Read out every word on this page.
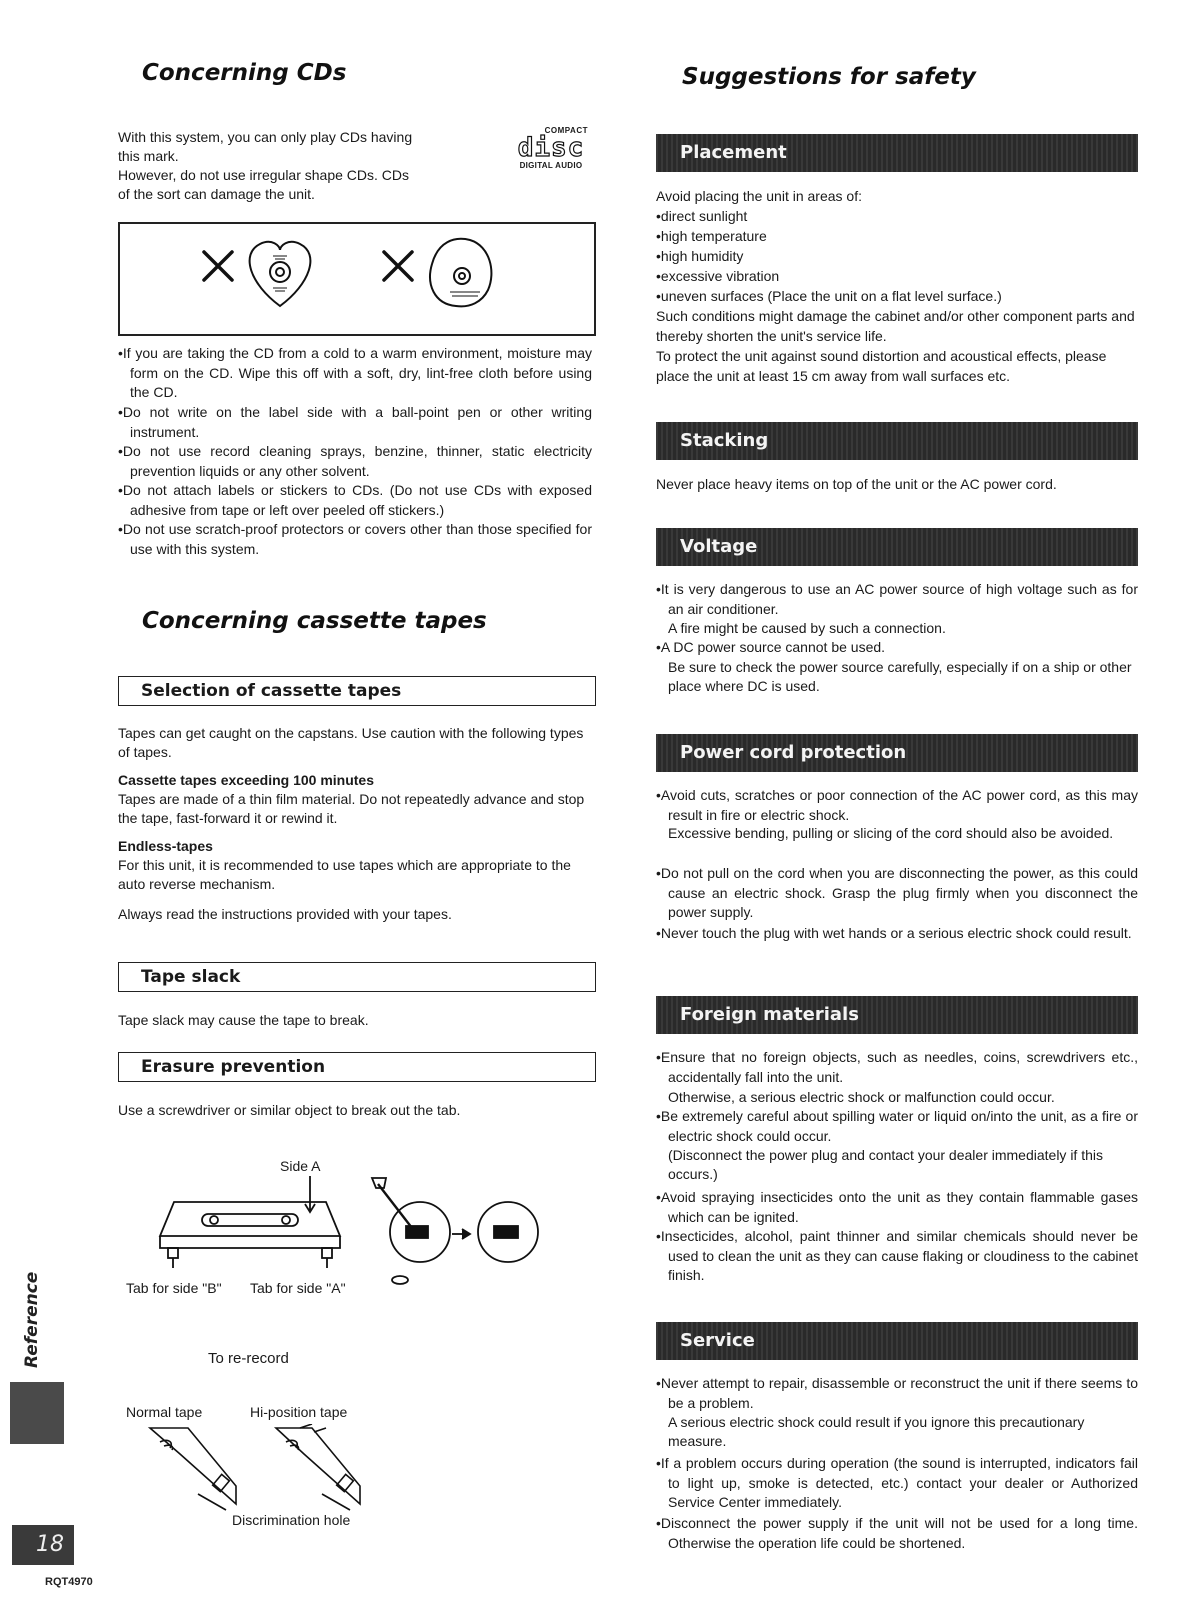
Concerning CDs
With this system, you can only play CDs having
this mark.
However, do not use irregular shape CDs. CDs
of the sort can damage the unit.
COMPACT
disc
DIGITAL AUDIO

•If you are taking the CD from a cold to a warm environment, moisture may form on the CD. Wipe this off with a soft, dry, lint-free cloth before using the CD.

•Do not write on the label side with a ball-point pen or other writing instrument.

•Do not use record cleaning sprays, benzine, thinner, static electricity prevention liquids or any other solvent.

•Do not attach labels or stickers to CDs. (Do not use CDs with exposed adhesive from tape or left over peeled off stickers.)

•Do not use scratch-proof protectors or covers other than those specified for use with this system.

Concerning cassette tapes
Selection of cassette tapes

Tapes can get caught on the capstans. Use caution with the following types of tapes.

Cassette tapes exceeding 100 minutes

Tapes are made of a thin film material. Do not repeatedly advance and stop the tape, fast-forward it or rewind it.

Endless-tapes

For this unit, it is recommended to use tapes which are appropriate to the auto reverse mechanism.

Always read the instructions provided with your tapes.

Tape slack

Tape slack may cause the tape to break.

Erasure prevention

Use a screwdriver or similar object to break out the tab.

Side A

Tab for side "B" Tab for side "A"

To re-record

Normal tape	Hi-position tape

Discrimination hole

Suggestions for safety
Placement

Avoid placing the unit in areas of:

•direct sunlight
•high temperature
•high humidity
•excessive vibration
•uneven surfaces (Place the unit on a flat level surface.)

Such conditions might damage the cabinet and/or other component parts and thereby shorten the unit's service life.

To protect the unit against sound distortion and acoustical effects, please place the unit at least 15 cm away from wall surfaces etc.

Stacking

Never place heavy items on top of the unit or the AC power cord.

Voltage

•It is very dangerous to use an AC power source of high voltage such as for an air conditioner.

A fire might be caused by such a connection.

•A DC power source cannot be used.

Be sure to check the power source carefully, especially if on a ship or other place where DC is used.

Power cord protection

•Avoid cuts, scratches or poor connection of the AC power cord, as this may result in fire or electric shock.

Excessive bending, pulling or slicing of the cord should also be avoided.

•Do not pull on the cord when you are disconnecting the power, as this could cause an electric shock. Grasp the plug firmly when you disconnect the power supply.

•Never touch the plug with wet hands or a serious electric shock could result.

Foreign materials

•Ensure that no foreign objects, such as needles, coins, screwdrivers etc., accidentally fall into the unit.

Otherwise, a serious electric shock or malfunction could occur.

•Be extremely careful about spilling water or liquid on/into the unit, as a fire or electric shock could occur.

(Disconnect the power plug and contact your dealer immediately if this occurs.)

•Avoid spraying insecticides onto the unit as they contain flammable gases which can be ignited.

•Insecticides, alcohol, paint thinner and similar chemicals should never be used to clean the unit as they can cause flaking or cloudiness to the cabinet finish.

Service

•Never attempt to repair, disassemble or reconstruct the unit if there seems to be a problem.

A serious electric shock could result if you ignore this precautionary measure.

•If a problem occurs during operation (the sound is interrupted, indicators fail to light up, smoke is detected, etc.) contact your dealer or Authorized Service Center immediately.

•Disconnect the power supply if the unit will not be used for a long time. Otherwise the operation life could be shortened.

Reference
18
RQT4970
